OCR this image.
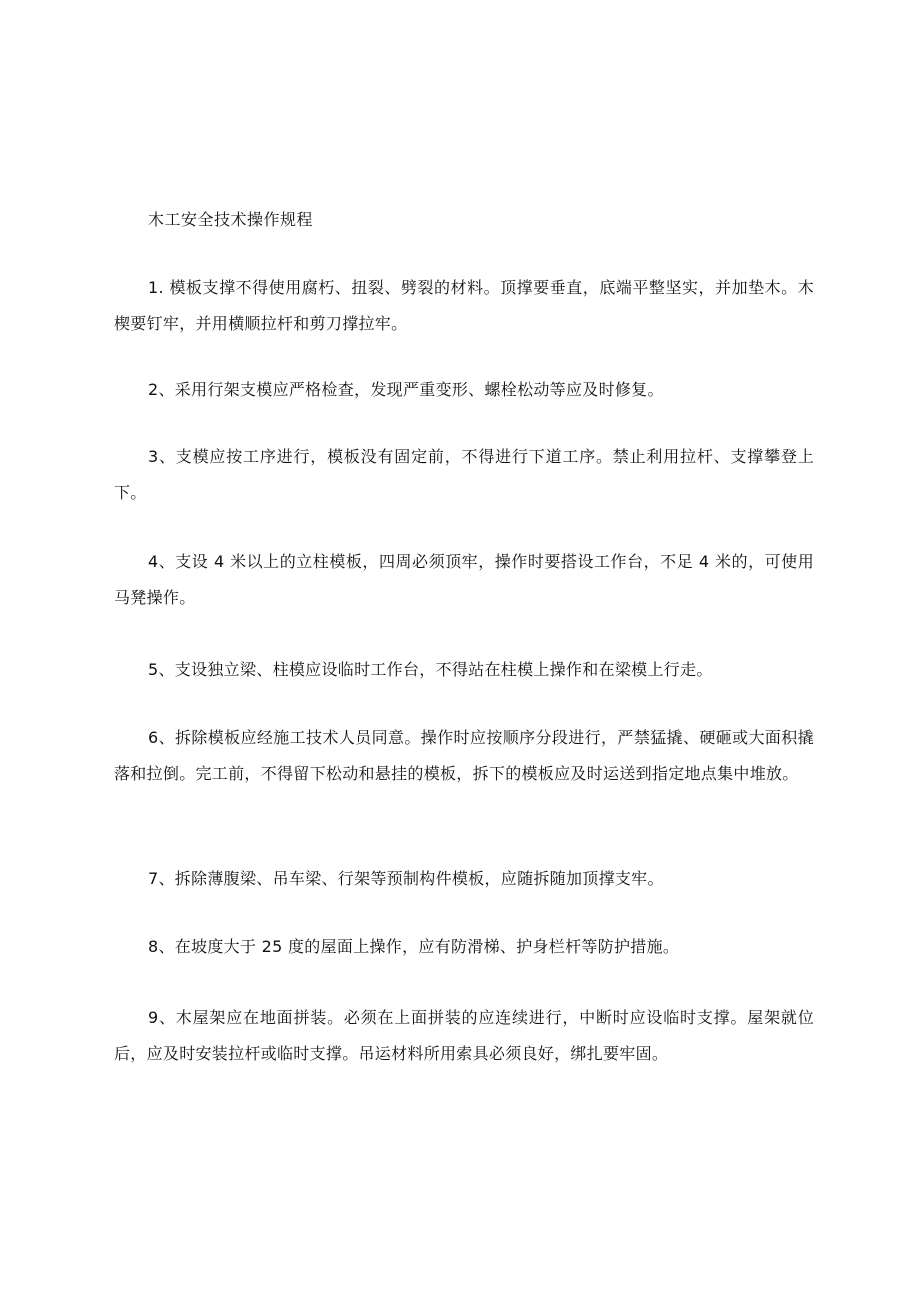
木工安全技术操作规程

1. 模板支撑不得使用腐朽、扭裂、劈裂的材料。顶撑要垂直，底端平整坚实，并加垫木。木楔要钉牢，并用横顺拉杆和剪刀撑拉牢。

2、采用行架支模应严格检查，发现严重变形、螺栓松动等应及时修复。

3、支模应按工序进行，模板没有固定前，不得进行下道工序。禁止利用拉杆、支撑攀登上下。

4、支设 4 米以上的立柱模板，四周必须顶牢，操作时要搭设工作台，不足 4 米的，可使用马凳操作。

5、支设独立梁、柱模应设临时工作台，不得站在柱模上操作和在梁模上行走。

6、拆除模板应经施工技术人员同意。操作时应按顺序分段进行，严禁猛撬、硬砸或大面积撬落和拉倒。完工前，不得留下松动和悬挂的模板，拆下的模板应及时运送到指定地点集中堆放。

7、拆除薄腹梁、吊车梁、行架等预制构件模板，应随拆随加顶撑支牢。

8、在坡度大于 25 度的屋面上操作，应有防滑梯、护身栏杆等防护措施。

9、木屋架应在地面拼装。必须在上面拼装的应连续进行，中断时应设临时支撑。屋架就位后，应及时安装拉杆或临时支撑。吊运材料所用索具必须良好，绑扎要牢固。
